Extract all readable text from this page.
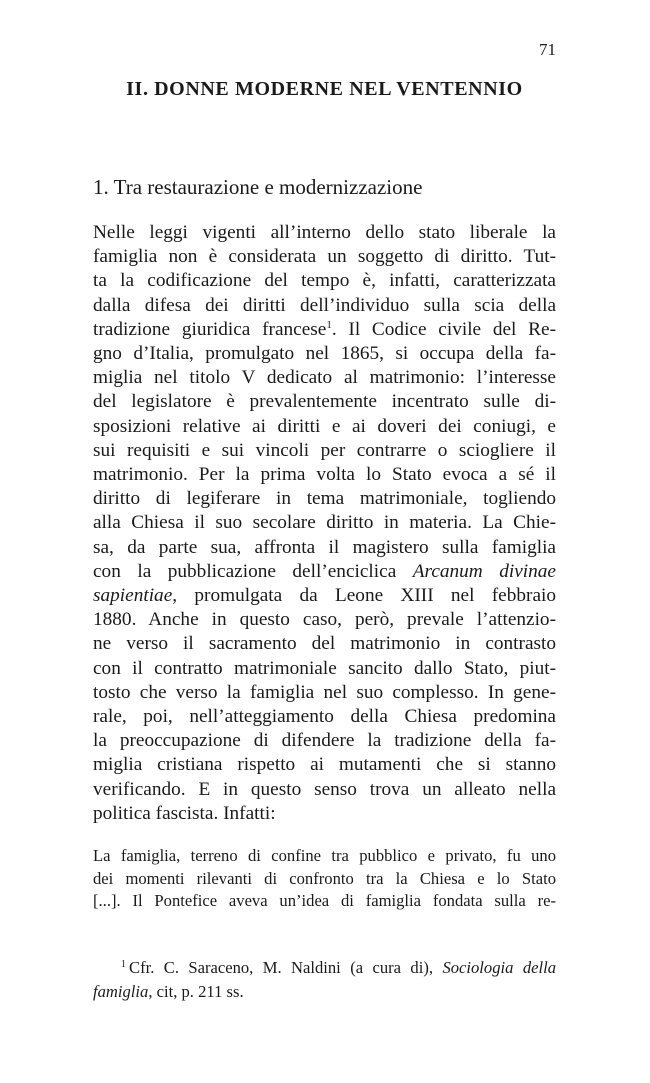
71
II. DONNE MODERNE NEL VENTENNIO
1. Tra restaurazione e modernizzazione
Nelle leggi vigenti all’interno dello stato liberale la
famiglia non è considerata un soggetto di diritto. Tut-
ta la codificazione del tempo è, infatti, caratterizzata
dalla difesa dei diritti dell’individuo sulla scia della
tradizione giuridica francese$^1$. Il Codice civile del Re-
gno d’Italia, promulgato nel 1865, si occupa della fa-
miglia nel titolo V dedicato al matrimonio: l’interesse
del legislatore è prevalentemente incentrato sulle di-
sposizioni relative ai diritti e ai doveri dei coniugi, e
sui requisiti e sui vincoli per contrarre o sciogliere il
matrimonio. Per la prima volta lo Stato evoca a sé il
diritto di legiferare in tema matrimoniale, togliendo
alla Chiesa il suo secolare diritto in materia. La Chie-
sa, da parte sua, affronta il magistero sulla famiglia
con la pubblicazione dell’enciclica Arcanum divinae
sapientiae, promulgata da Leone XIII nel febbraio
1880. Anche in questo caso, però, prevale l’attenzio-
ne verso il sacramento del matrimonio in contrasto
con il contratto matrimoniale sancito dallo Stato, piut-
tosto che verso la famiglia nel suo complesso. In gene-
rale, poi, nell’atteggiamento della Chiesa predomina
la preoccupazione di difendere la tradizione della fa-
miglia cristiana rispetto ai mutamenti che si stanno
verificando. E in questo senso trova un alleato nella
politica fascista. Infatti:
La famiglia, terreno di confine tra pubblico e privato, fu uno
dei momenti rilevanti di confronto tra la Chiesa e lo Stato
[...]. Il Pontefice aveva un’idea di famiglia fondata sulla re-
$^1$ Cfr. C. Saraceno, M. Naldini (a cura di), Sociologia della
famiglia, cit, p. 211 ss.
